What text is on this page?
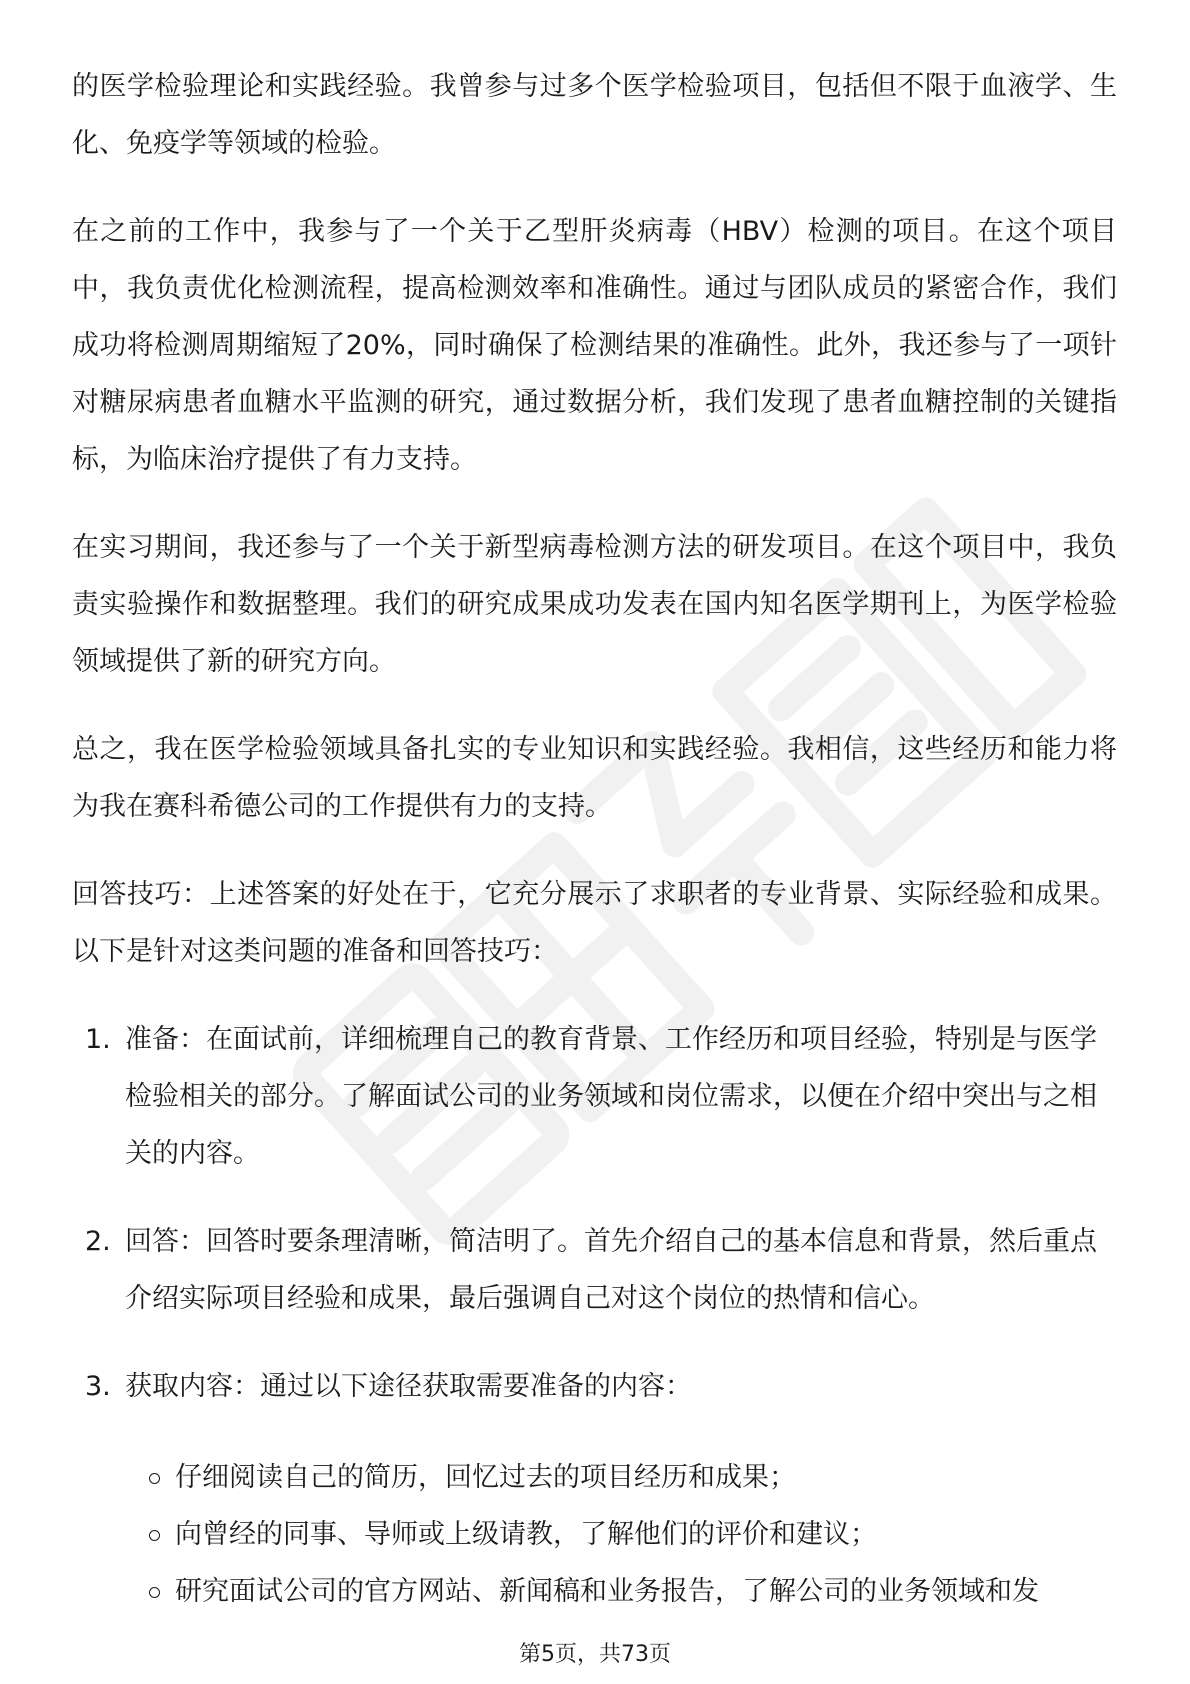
的医学检验理论和实践经验。我曾参与过多个医学检验项目，包括但不限于血液学、生化、免疫学等领域的检验。

在之前的工作中，我参与了一个关于乙型肝炎病毒（HBV）检测的项目。在这个项目中，我负责优化检测流程，提高检测效率和准确性。通过与团队成员的紧密合作，我们成功将检测周期缩短了20%，同时确保了检测结果的准确性。此外，我还参与了一项针对糖尿病患者血糖水平监测的研究，通过数据分析，我们发现了患者血糖控制的关键指标，为临床治疗提供了有力支持。

在实习期间，我还参与了一个关于新型病毒检测方法的研发项目。在这个项目中，我负责实验操作和数据整理。我们的研究成果成功发表在国内知名医学期刊上，为医学检验领域提供了新的研究方向。

总之，我在医学检验领域具备扎实的专业知识和实践经验。我相信，这些经历和能力将为我在赛科希德公司的工作提供有力的支持。

回答技巧：上述答案的好处在于，它充分展示了求职者的专业背景、实际经验和成果。以下是针对这类问题的准备和回答技巧：

1. 准备：在面试前，详细梳理自己的教育背景、工作经历和项目经验，特别是与医学检验相关的部分。了解面试公司的业务领域和岗位需求，以便在介绍中突出与之相关的内容。
2. 回答：回答时要条理清晰，简洁明了。首先介绍自己的基本信息和背景，然后重点介绍实际项目经验和成果，最后强调自己对这个岗位的热情和信心。
3. 获取内容：通过以下途径获取需要准备的内容：
仔细阅读自己的简历，回忆过去的项目经历和成果；
向曾经的同事、导师或上级请教，了解他们的评价和建议；
研究面试公司的官方网站、新闻稿和业务报告，了解公司的业务领域和发
第5页，共73页
